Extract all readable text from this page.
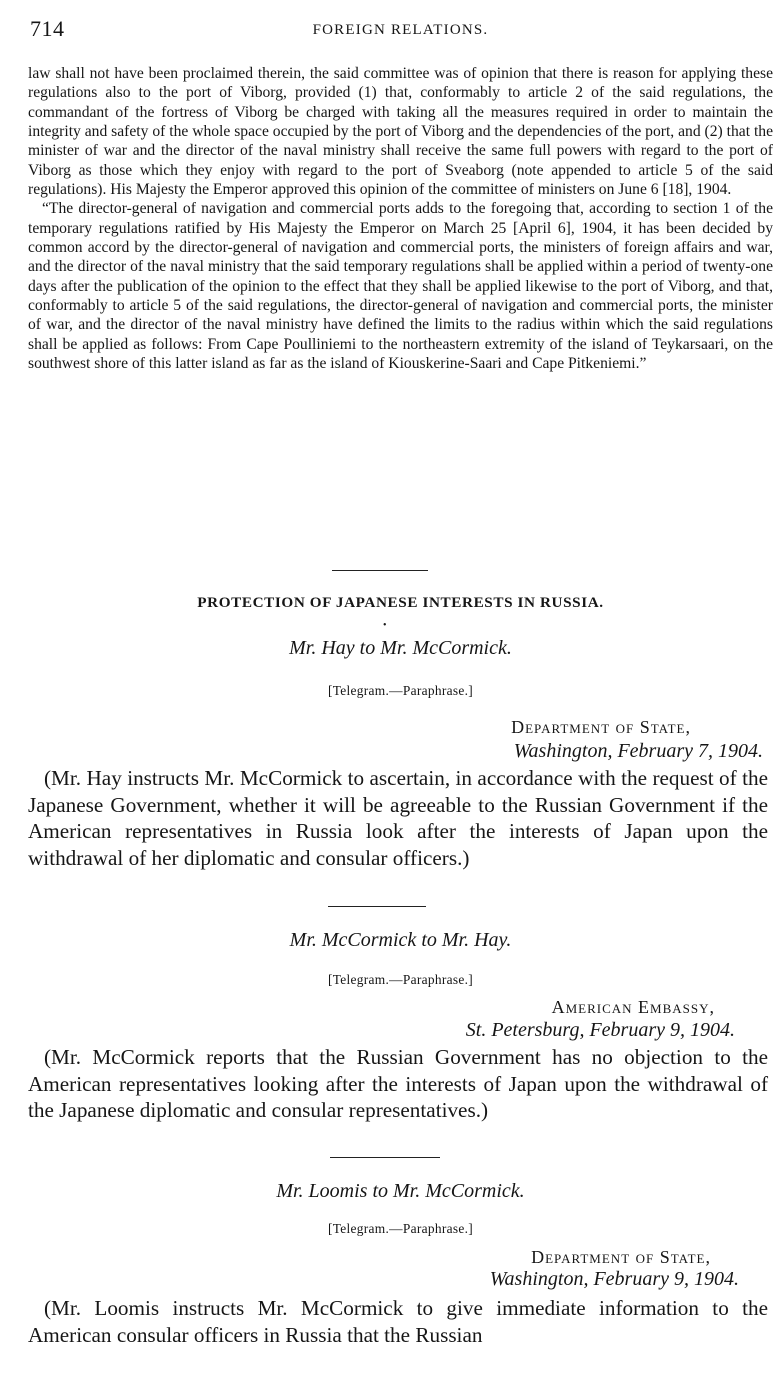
714	FOREIGN RELATIONS.

law shall not have been proclaimed therein, the said committee was of opinion that there is reason for applying these regulations also to the port of Viborg, provided (1) that, conformably to article 2 of the said regulations, the commandant of the fortress of Viborg be charged with taking all the measures required in order to maintain the integrity and safety of the whole space occupied by the port of Viborg and the dependencies of the port, and (2) that the minister of war and the director of the naval ministry shall receive the same full powers with regard to the port of Viborg as those which they enjoy with regard to the port of Sveaborg (note appended to article 5 of the said regulations). His Majesty the Emperor approved this opinion of the committee of ministers on June 6 [18], 1904.

“The director-general of navigation and commercial ports adds to the foregoing that, according to section 1 of the temporary regulations ratified by His Majesty the Emperor on March 25 [April 6], 1904, it has been decided by common accord by the director-general of navigation and commercial ports, the ministers of foreign affairs and war, and the director of the naval ministry that the said temporary regulations shall be applied within a period of twenty-one days after the publication of the opinion to the effect that they shall be applied likewise to the port of Viborg, and that, conformably to article 5 of the said regulations, the director-general of navigation and commercial ports, the minister of war, and the director of the naval ministry have defined the limits to the radius within which the said regulations shall be applied as follows: From Cape Poulliniemi to the northeastern extremity of the island of Teykarsaari, on the southwest shore of this latter island as far as the island of Kiouskerine-Saari and Cape Pitkeniemi.”

PROTECTION OF JAPANESE INTERESTS IN RUSSIA.
•
Mr. Hay to Mr. McCormick.
[Telegram.—Paraphrase.]
Department of State,
Washington, February 7, 1904.

(Mr. Hay instructs Mr. McCormick to ascertain, in accordance with the request of the Japanese Government, whether it will be agreeable to the Russian Government if the American representatives in Russia look after the interests of Japan upon the withdrawal of her diplomatic and consular officers.)

Mr. McCormick to Mr. Hay.
[Telegram.—Paraphrase.]
American Embassy,
St. Petersburg, February 9, 1904.

(Mr. McCormick reports that the Russian Government has no objection to the American representatives looking after the interests of Japan upon the withdrawal of the Japanese diplomatic and consular representatives.)

Mr. Loomis to Mr. McCormick.
[Telegram.—Paraphrase.]
Department of State,
Washington, February 9, 1904.

(Mr. Loomis instructs Mr. McCormick to give immediate information to the American consular officers in Russia that the Russian
